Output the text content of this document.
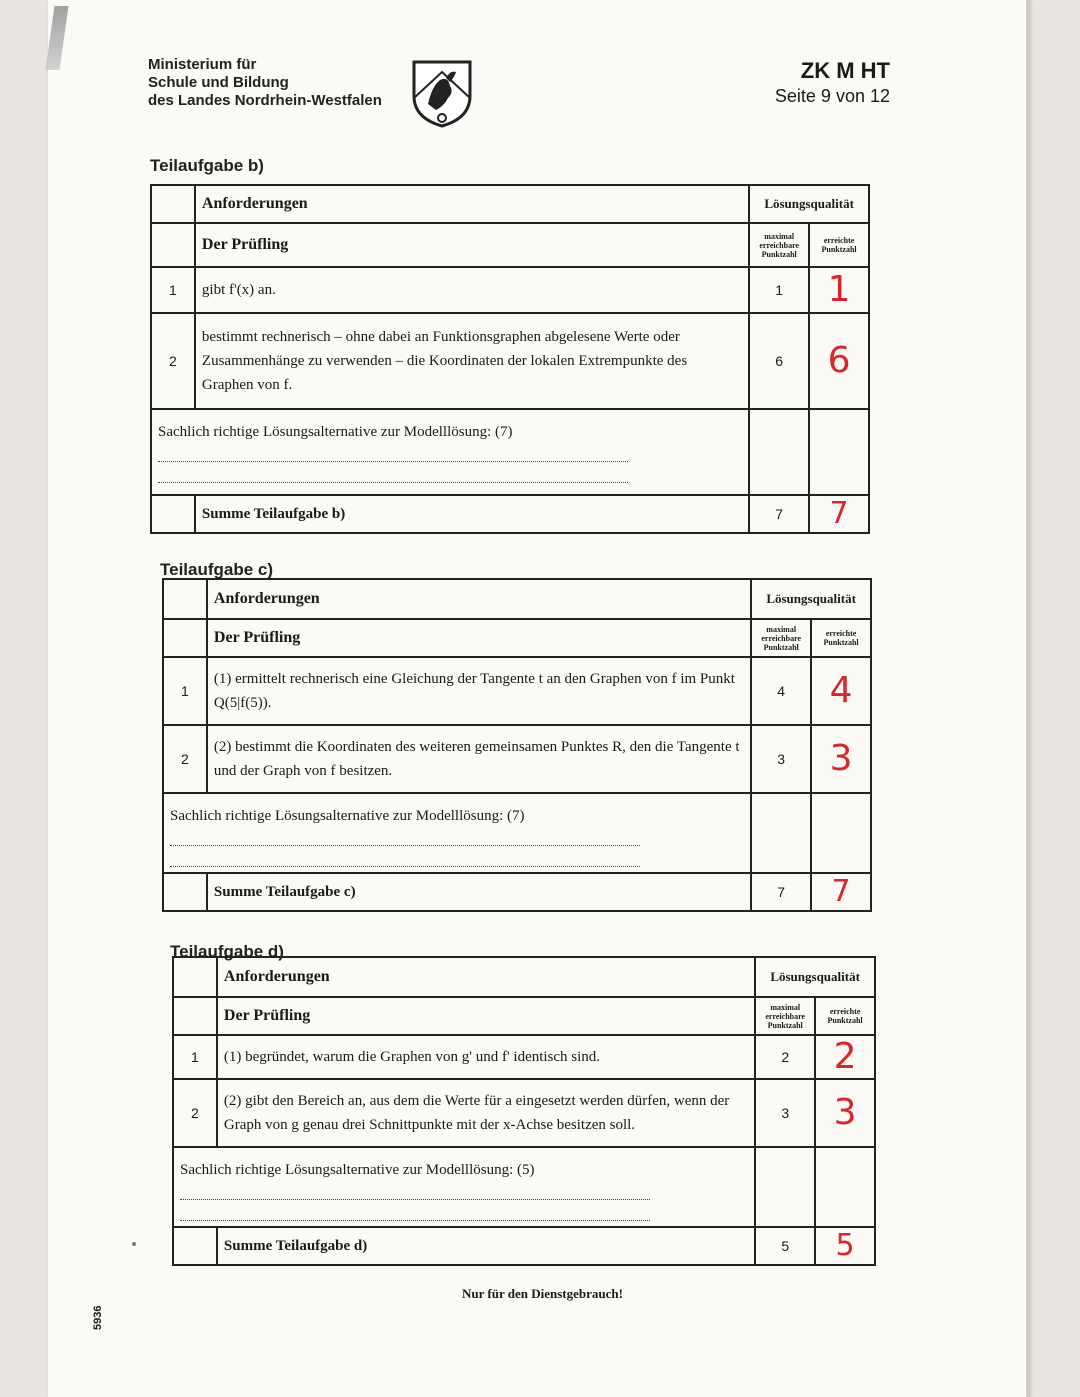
Ministerium für
Schule und Bildung
des Landes Nordrhein-Westfalen
ZK M HT
Seite 9 von 12
Teilaufgabe b)
	Anforderungen	Lösungsqualität	
	Der Prüfling	maximal erreichbare Punktzahl	erreichte Punktzahl
1	gibt f'(x) an.	1	1
2	bestimmt rechnerisch – ohne dabei an Funktionsgraphen abgelesene Werte oder Zusammenhänge zu verwenden – die Koordinaten der lokalen Extrempunkte des Graphen von f.	6	6
Sachlich richtige Lösungsalternative zur Modelllösung: (7)	

	Summe Teilaufgabe b)	7	7
Teilaufgabe c)
	Anforderungen	Lösungsqualität	
	Der Prüfling	maximal erreichbare Punktzahl	erreichte Punktzahl
1	(1) ermittelt rechnerisch eine Gleichung der Tangente t an den Graphen von f im Punkt Q(5|f(5)).	4	4
2	(2) bestimmt die Koordinaten des weiteren gemeinsamen Punktes R, den die Tangente t und der Graph von f besitzen.	3	3
Sachlich richtige Lösungsalternative zur Modelllösung: (7)	

	Summe Teilaufgabe c)	7	7
Teilaufgabe d)
	Anforderungen	Lösungsqualität	
	Der Prüfling	maximal erreichbare Punktzahl	erreichte Punktzahl
1	(1) begründet, warum die Graphen von g' und f' identisch sind.	2	2
2	(2) gibt den Bereich an, aus dem die Werte für a eingesetzt werden dürfen, wenn der Graph von g genau drei Schnittpunkte mit der x-Achse besitzen soll.	3	3
Sachlich richtige Lösungsalternative zur Modelllösung: (5)	

	Summe Teilaufgabe d)	5	5
Nur für den Dienstgebrauch!
5936
